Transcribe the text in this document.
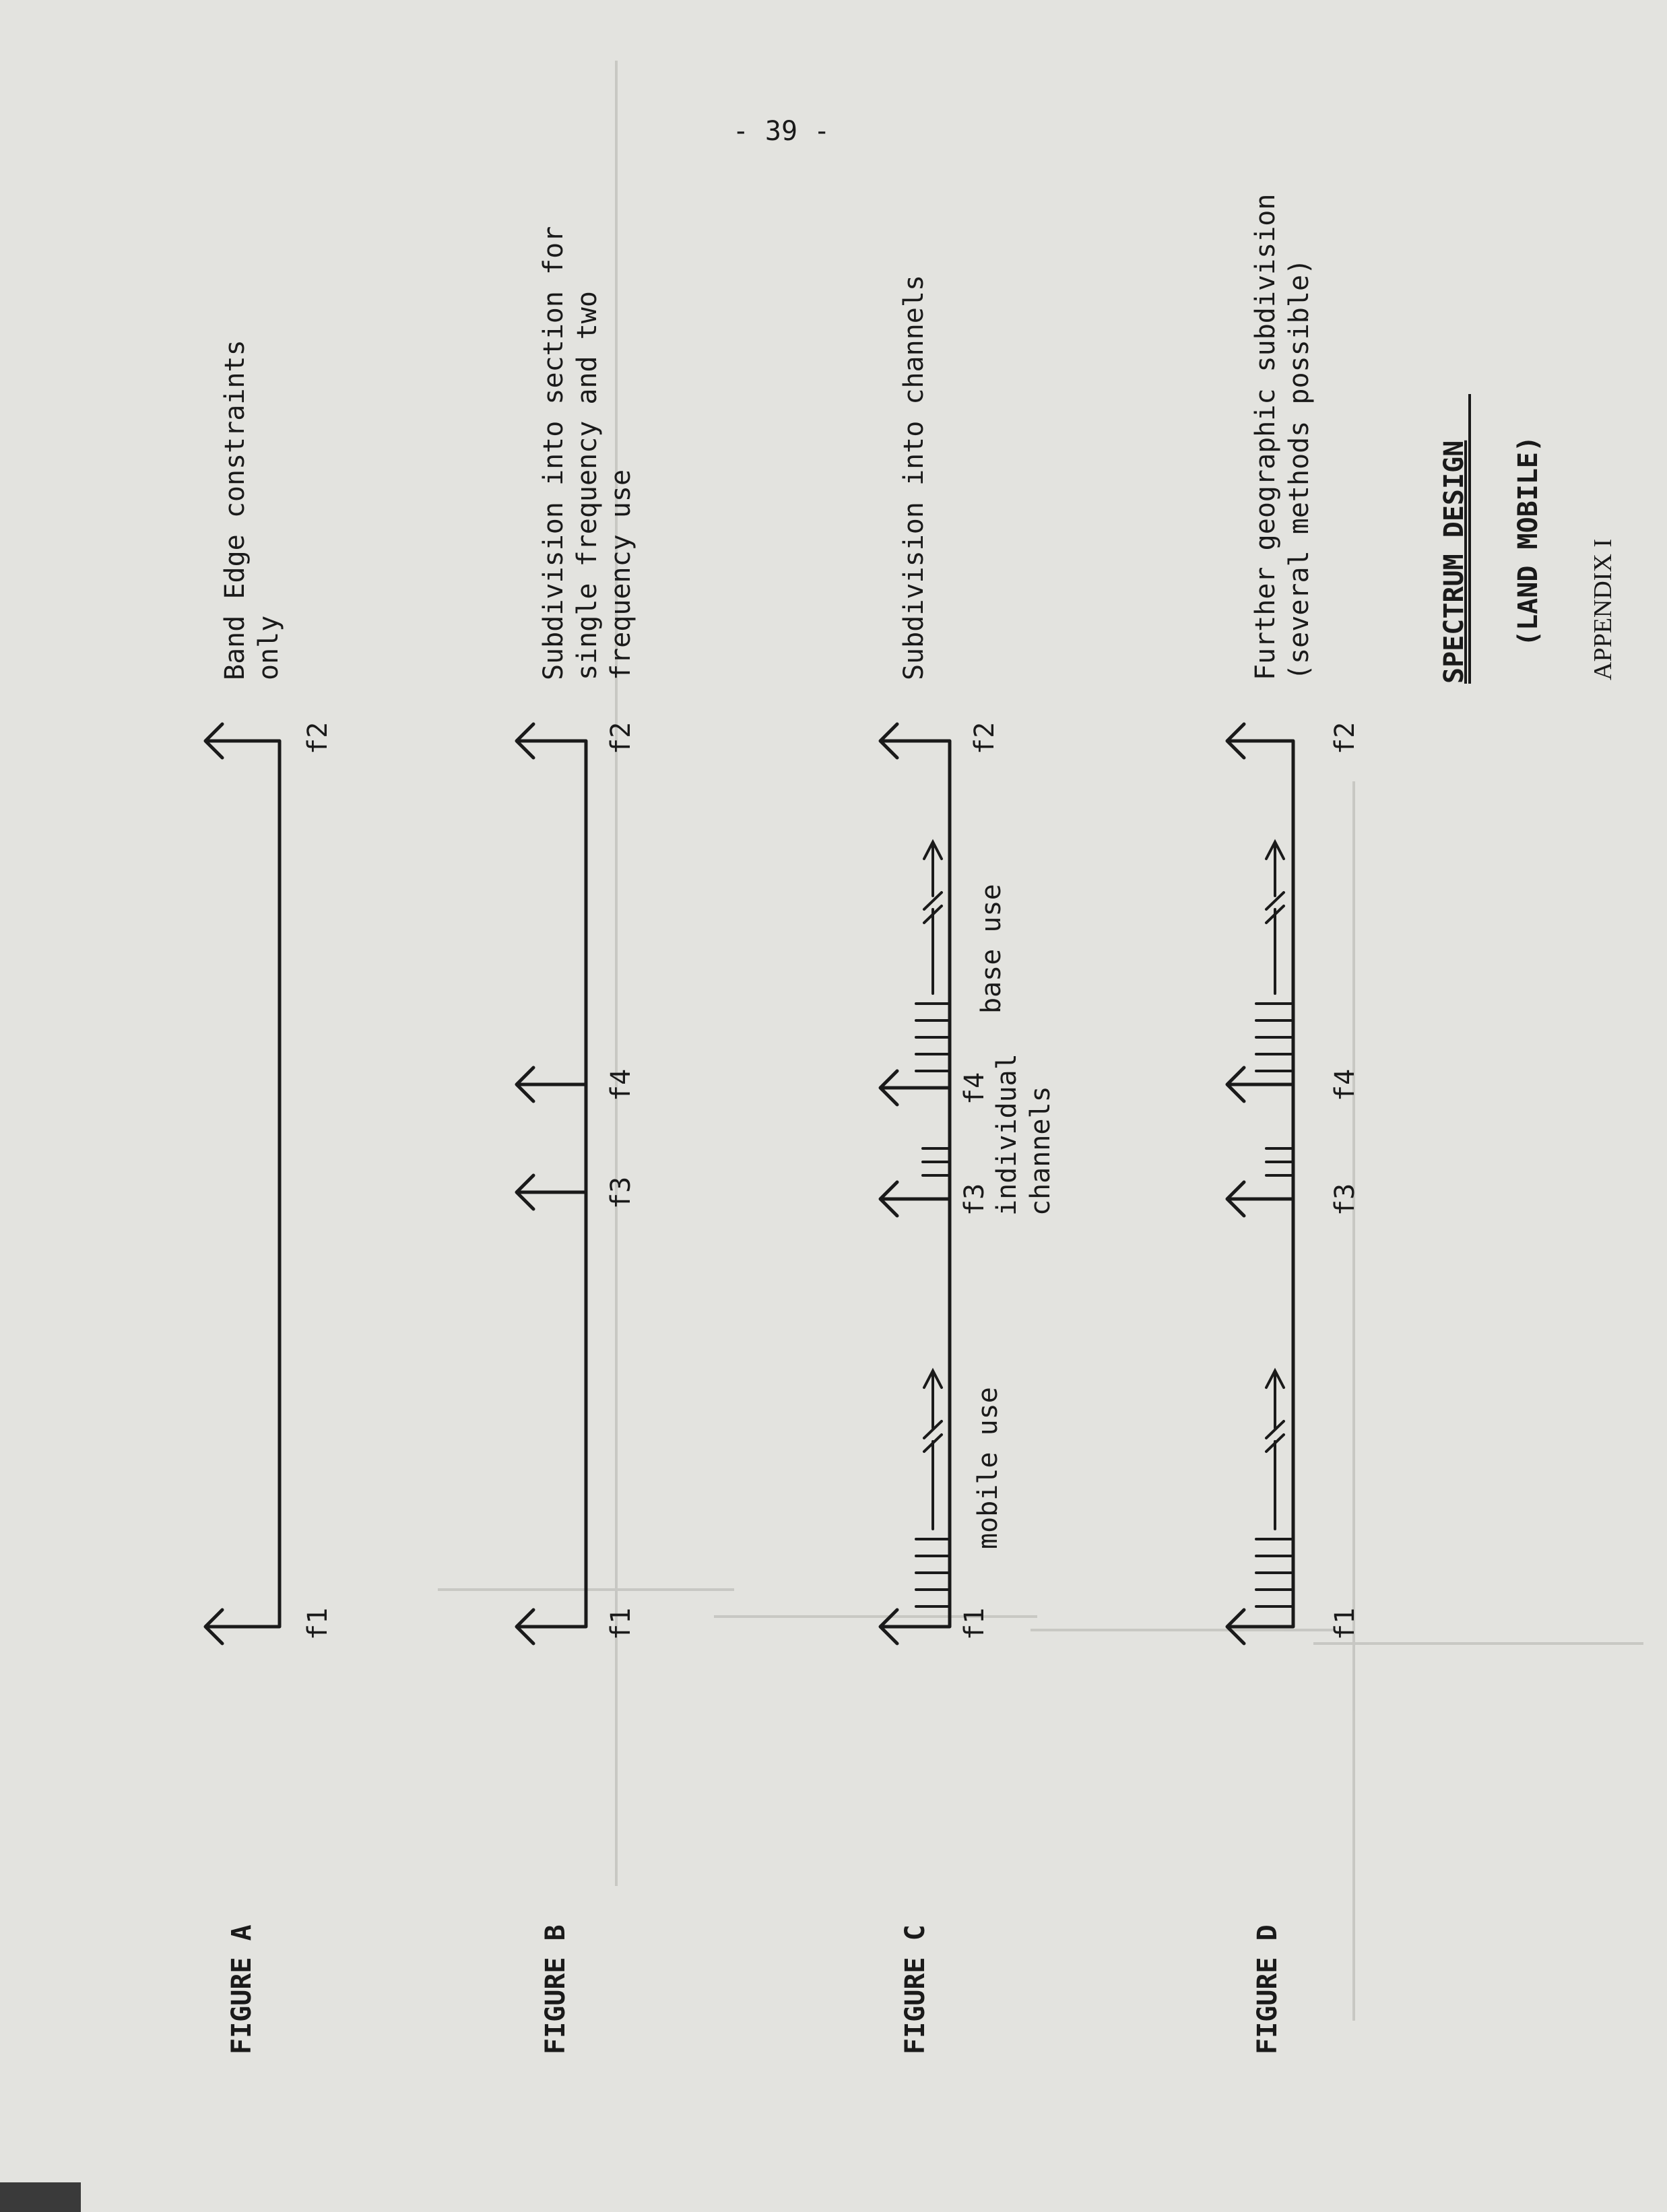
- 39 -
FIGURE A	FIGURE B	FIGURE C	FIGURE D
f1
f2
Band Edge constraints only
f1
f3
f4
f2
Subdivision into section for single frequency and two frequency use
f1
f3
f4
f2
mobile use
individual channels
base use
Subdivision into channels
f1
f3
f4
f2
Further geographic subdivision (several methods possible)	SPECTRUM DESIGN (LAND MOBILE) APPENDIX I
